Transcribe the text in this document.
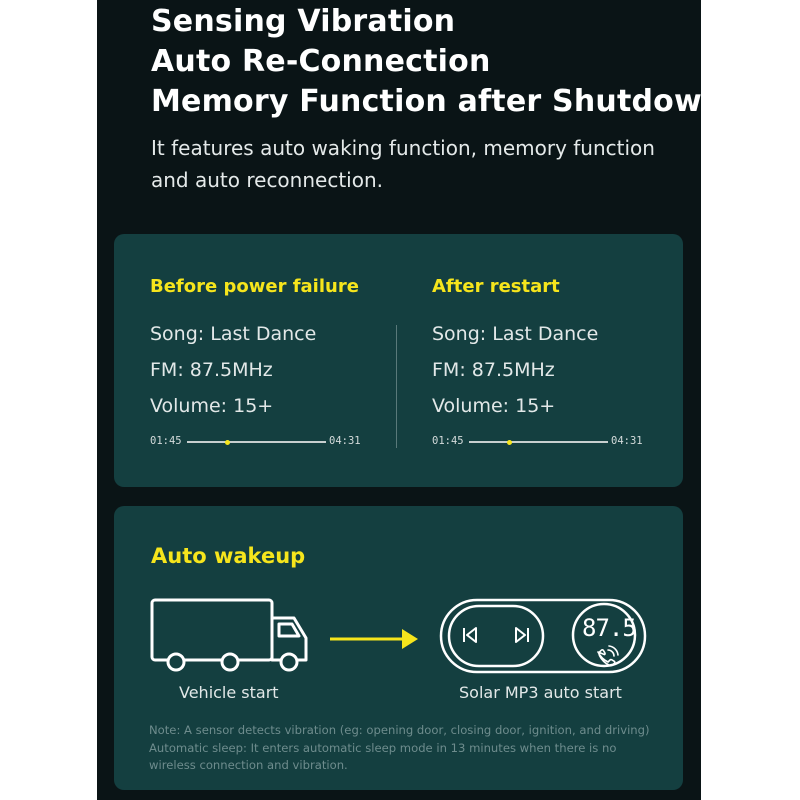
Sensing Vibration
Auto Re-Connection
Memory Function after Shutdown

It features auto waking function, memory function and auto reconnection.

Before power failure
Song: Last Dance
FM: 87.5MHz
Volume: 15+
01:45	04:31
After restart
Song: Last Dance
FM: 87.5MHz
Volume: 15+
01:45	04:31
Auto wakeup
87.5
Vehicle start	Solar MP3 auto start

Note: A sensor detects vibration (eg: opening door, closing door, ignition, and driving)
Automatic sleep: It enters automatic sleep mode in 13 minutes when there is no
wireless connection and vibration.
